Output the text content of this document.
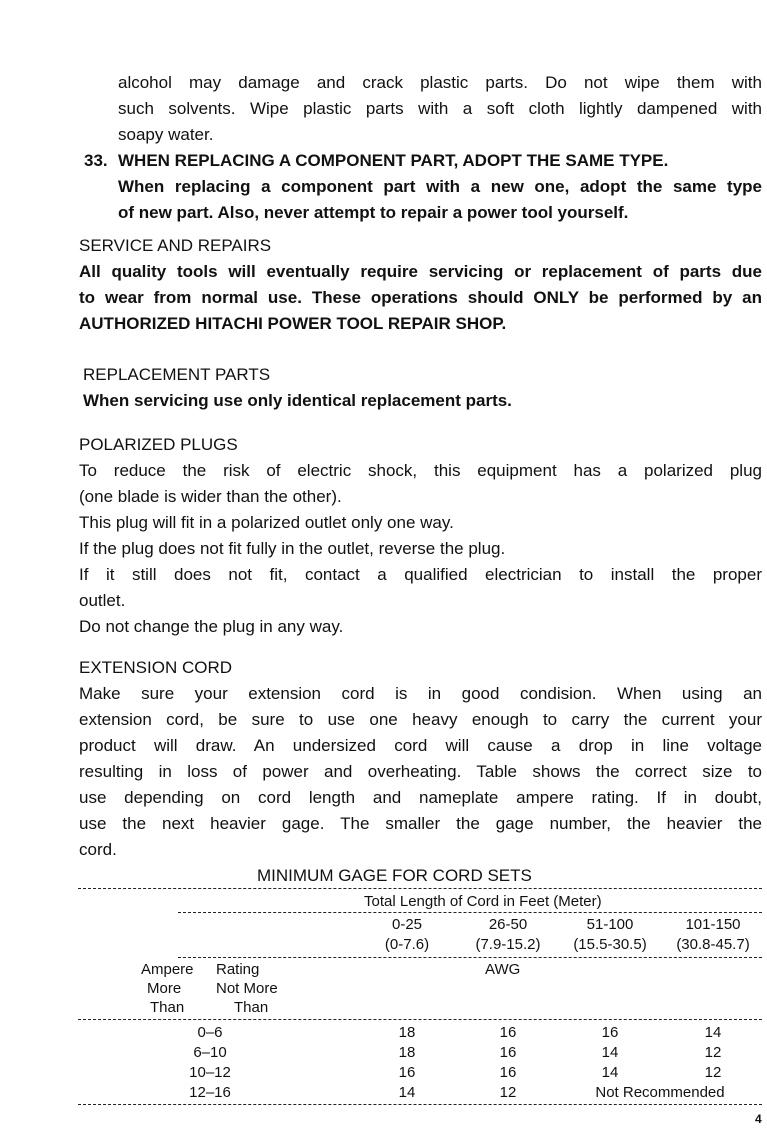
alcohol may damage and crack plastic parts. Do not wipe them with
such solvents. Wipe plastic parts with a soft cloth lightly dampened with
soapy water.
33. WHEN REPLACING A COMPONENT PART, ADOPT THE SAME TYPE.
When replacing a component part with a new one, adopt the same type
of new part. Also, never attempt to repair a power tool yourself.
SERVICE AND REPAIRS
All quality tools will eventually require servicing or replacement of parts due
to wear from normal use. These operations should ONLY be performed by an
AUTHORIZED HITACHI POWER TOOL REPAIR SHOP.
REPLACEMENT PARTS
When servicing use only identical replacement parts.
POLARIZED PLUGS
To reduce the risk of electric shock, this equipment has a polarized plug
(one blade is wider than the other).
This plug will fit in a polarized outlet only one way.
If the plug does not fit fully in the outlet, reverse the plug.
If it still does not fit, contact a qualified electrician to install the proper
outlet.
Do not change the plug in any way.
EXTENSION CORD
Make sure your extension cord is in good condision. When using an
extension cord, be sure to use one heavy enough to carry the current your
product will draw. An undersized cord will cause a drop in line voltage
resulting in loss of power and overheating. Table shows the correct size to
use depending on cord length and nameplate ampere rating. If in doubt,
use the next heavier gage. The smaller the gage number, the heavier the
cord.
MINIMUM GAGE FOR CORD SETS
Total Length of Cord in Feet (Meter)
0-25	26-50	51-100	101-150
(0-7.6)	(7.9-15.2)	(15.5-30.5)	(30.8-45.7)
Ampere Rating	AWG
More Not More
Than	Than
0–6	18	16	16	14
6–10	18	16	14	12
10–12	16	16	14	12
12–16	14	12	Not Recommended
4
